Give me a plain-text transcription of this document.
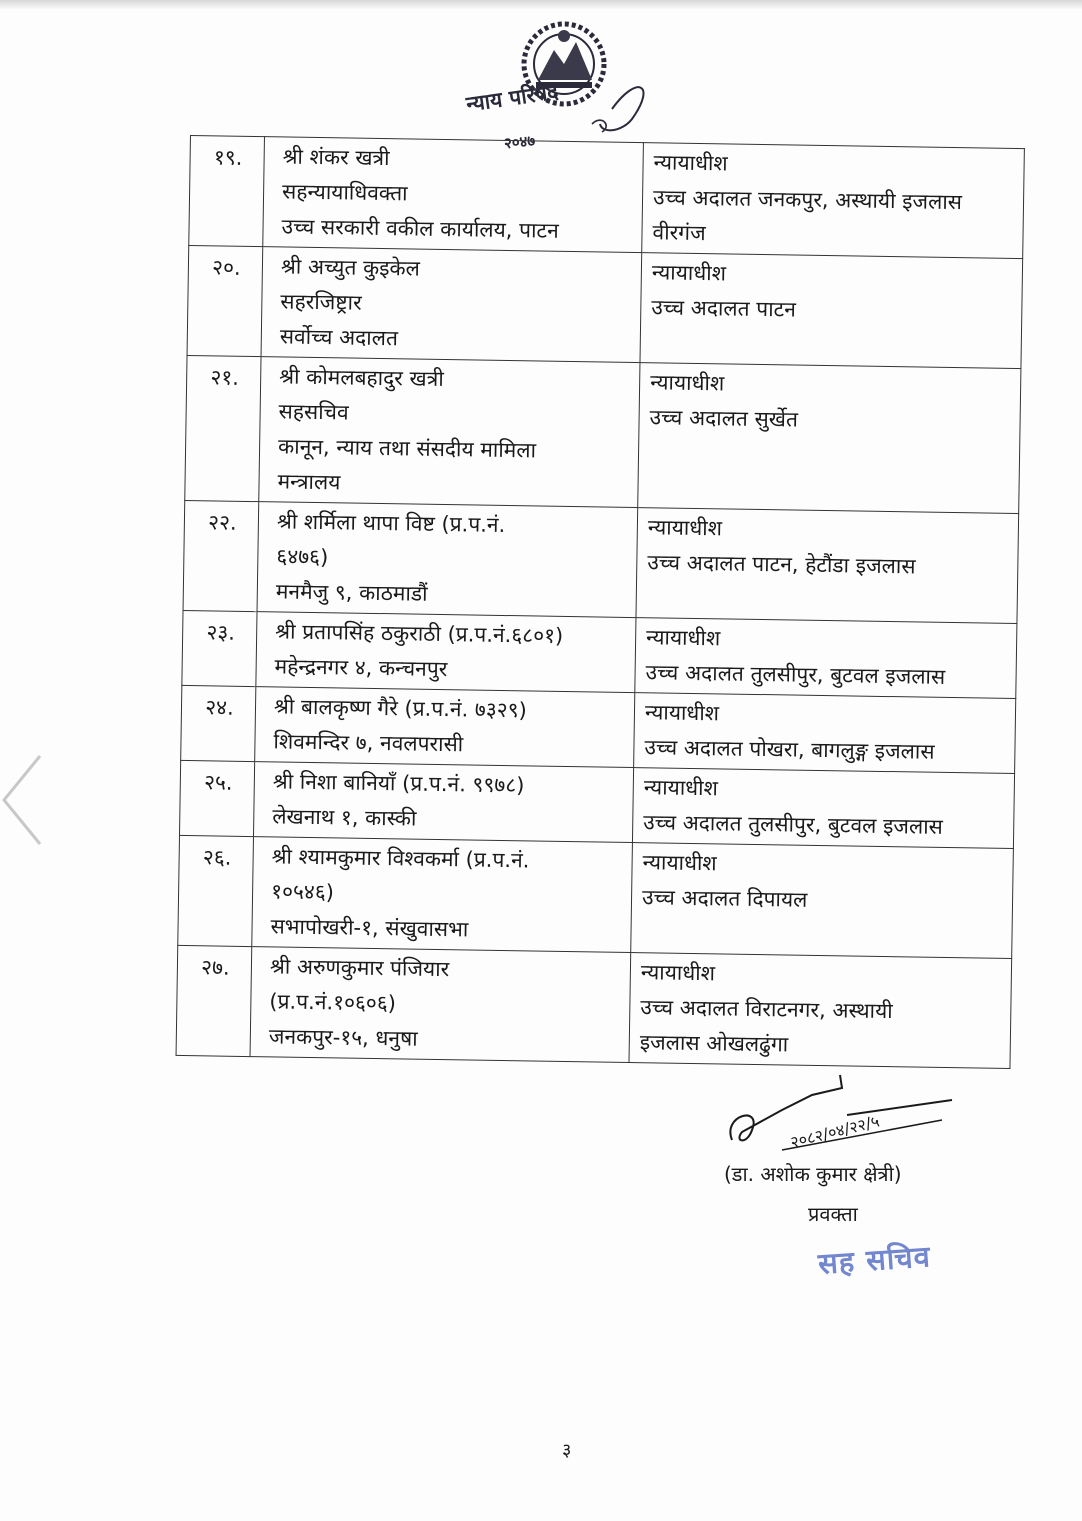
न्याय परिषद
२०४७
१९.	श्री शंकर खत्री
सहन्यायाधिवक्ता
उच्च सरकारी वकील कार्यालय, पाटन	न्यायाधीश
उच्च अदालत जनकपुर, अस्थायी इजलास
वीरगंज

२०.	श्री अच्युत कुइकेल
सहरजिष्ट्रार
सर्वोच्च अदालत	न्यायाधीश
उच्च अदालत पाटन

२१.	श्री कोमलबहादुर खत्री
सहसचिव
कानून, न्याय तथा संसदीय मामिला
मन्त्रालय	न्यायाधीश
उच्च अदालत सुर्खेत

२२.	श्री शर्मिला थापा विष्ट (प्र.प.नं.
६४७६)
मनमैजु ९, काठमाडौं	न्यायाधीश
उच्च अदालत पाटन, हेटौंडा इजलास

२३.	श्री प्रतापसिंह ठकुराठी (प्र.प.नं.६८०१)
महेन्द्रनगर ४, कन्चनपुर	न्यायाधीश
उच्च अदालत तुलसीपुर, बुटवल इजलास

२४.	श्री बालकृष्ण गैरे (प्र.प.नं. ७३२९)
शिवमन्दिर ७, नवलपरासी	न्यायाधीश
उच्च अदालत पोखरा, बागलुङ्ग इजलास

२५.	श्री निशा बानियाँ (प्र.प.नं. ९९७८)
लेखनाथ १, कास्की	न्यायाधीश
उच्च अदालत तुलसीपुर, बुटवल इजलास

२६.	श्री श्यामकुमार विश्वकर्मा (प्र.प.नं.
१०५४६)
सभापोखरी-१, संखुवासभा	न्यायाधीश
उच्च अदालत दिपायल

२७.	श्री अरुणकुमार पंजियार
(प्र.प.नं.१०६०६)
जनकपुर-१५, धनुषा	न्यायाधीश
उच्च अदालत विराटनगर, अस्थायी
इजलास ओखलढुंगा
२०८२/०४/२२/५
(डा. अशोक कुमार क्षेत्री)
प्रवक्ता
सह सचिव
३
